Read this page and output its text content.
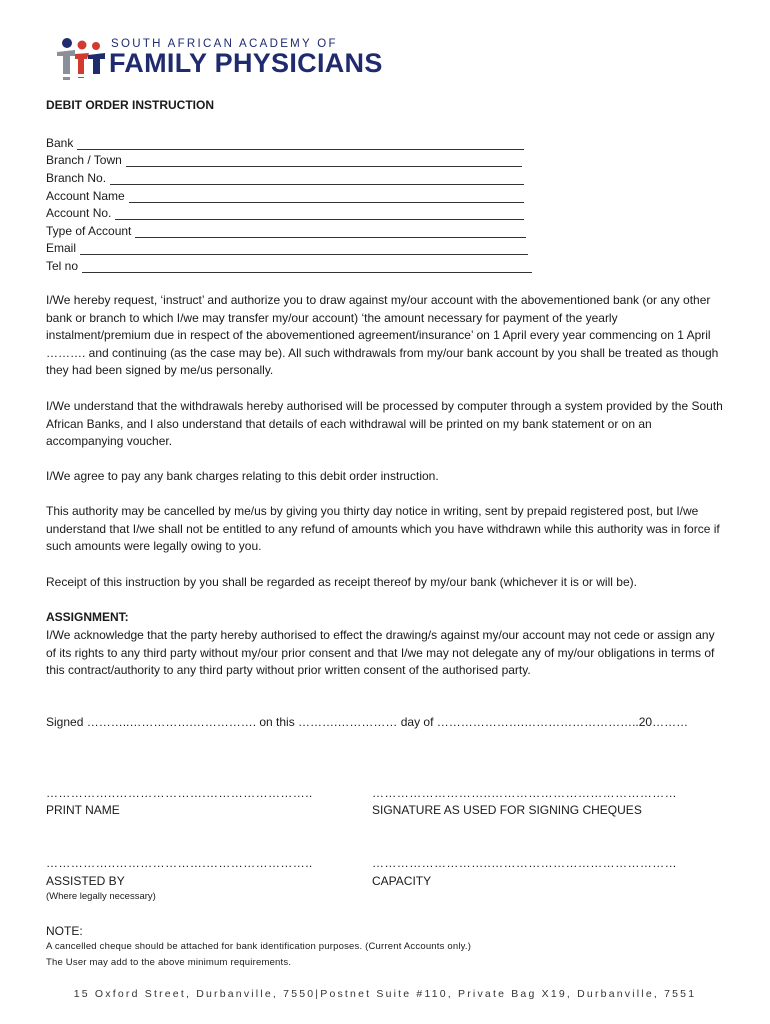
SOUTH AFRICAN ACADEMY OF
FAMILY PHYSICIANS
DEBIT ORDER INSTRUCTION
Bank
Branch / Town
Branch No.
Account Name
Account No.
Type of Account
Email
Tel no
I/We hereby request, ‘instruct’ and authorize you to draw against my/our account with the abovementioned bank (or any other bank or branch to which I/we may transfer my/our account) ‘the amount necessary for payment of the yearly instalment/premium due in respect of the abovementioned agreement/insurance’ on 1 April every year commencing on 1 April ………. and continuing (as the case may be). All such withdrawals from my/our bank account by you shall be treated as though they had been signed by me/us personally.
I/We understand that the withdrawals hereby authorised will be processed by computer through a system provided by the South African Banks, and I also understand that details of each withdrawal will be printed on my bank statement or on an accompanying voucher.
I/We agree to pay any bank charges relating to this debit order instruction.
This authority may be cancelled by me/us by giving you thirty day notice in writing, sent by prepaid registered post, but I/we understand that I/we shall not be entitled to any refund of amounts which you have withdrawn while this authority was in force if such amounts were legally owing to you.
Receipt of this instruction by you shall be regarded as receipt thereof by my/our bank (whichever it is or will be).
ASSIGNMENT:
I/We acknowledge that the party hereby authorised to effect the drawing/s against my/our account may not cede or assign any of its rights to any third party without my/our prior consent and that I/we may not delegate any of my/our obligations in terms of this contract/authority to any third party without prior written consent of the authorised party.
Signed ………..…………….……………. on this ……….…………… day of ………………….………………………..20………
……………..………………….……………………..	………………………..………………………………………
PRINT NAME	SIGNATURE AS USED FOR SIGNING CHEQUES
……………..………………….……………………..	………………………..………………………………………
ASSISTED BY	CAPACITY
(Where legally necessary)
NOTE:
A cancelled cheque should be attached for bank identification purposes. (Current Accounts only.)
The User may add to the above minimum requirements.
15 Oxford Street, Durbanville, 7550|Postnet Suite #110, Private Bag X19, Durbanville, 7551
